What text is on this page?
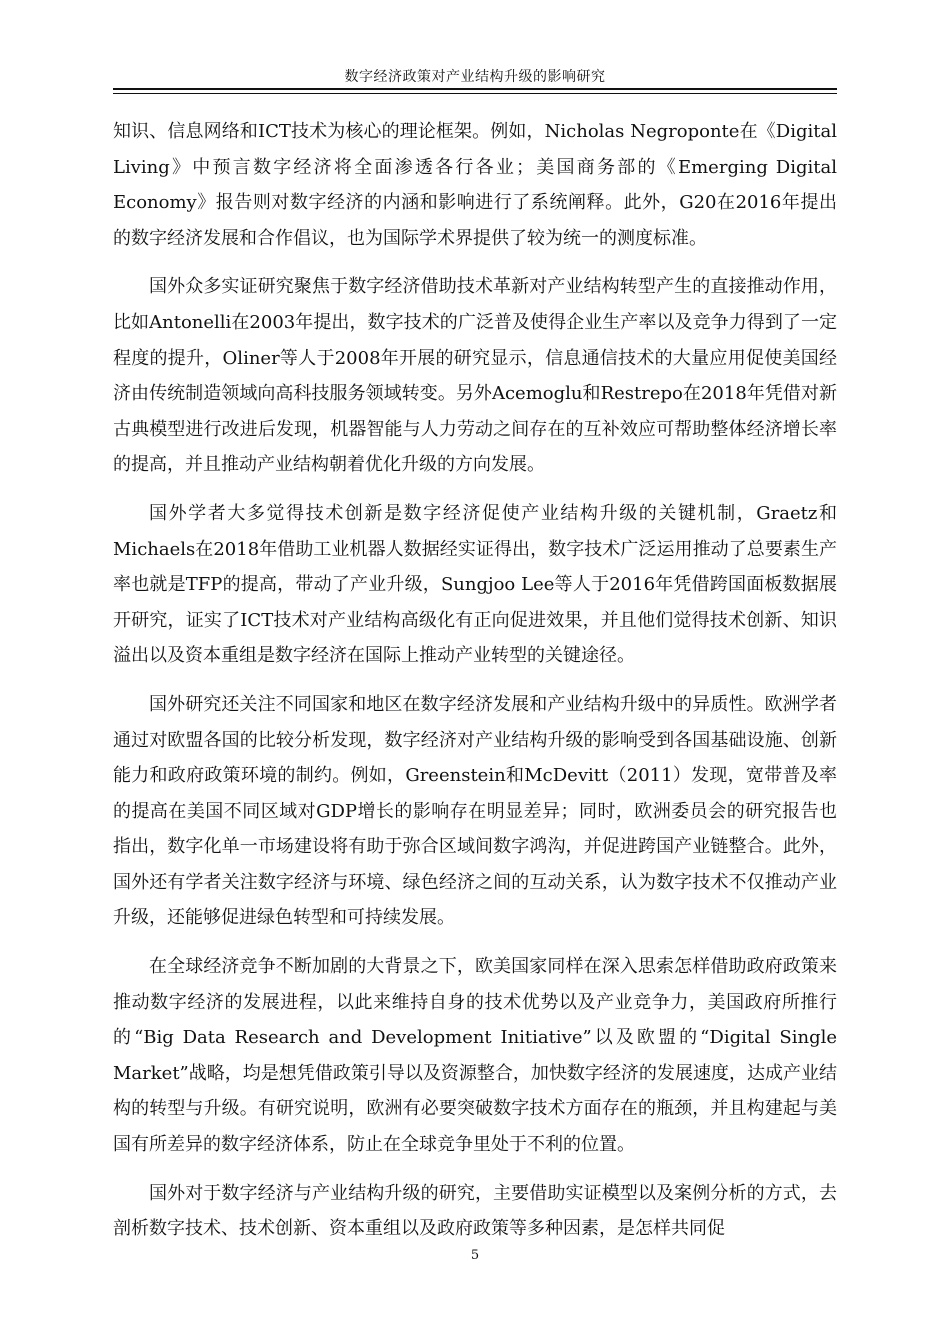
数字经济政策对产业结构升级的影响研究

知识、信息网络和ICT技术为核心的理论框架。例如，Nicholas Negroponte在《Digital Living》中预言数字经济将全面渗透各行各业；美国商务部的《Emerging Digital Economy》报告则对数字经济的内涵和影响进行了系统阐释。此外，G20在2016年提出的数字经济发展和合作倡议，也为国际学术界提供了较为统一的测度标准。

国外众多实证研究聚焦于数字经济借助技术革新对产业结构转型产生的直接推动作用，比如Antonelli在2003年提出，数字技术的广泛普及使得企业生产率以及竞争力得到了一定程度的提升，Oliner等人于2008年开展的研究显示，信息通信技术的大量应用促使美国经济由传统制造领域向高科技服务领域转变。另外Acemoglu和Restrepo在2018年凭借对新古典模型进行改进后发现，机器智能与人力劳动之间存在的互补效应可帮助整体经济增长率的提高，并且推动产业结构朝着优化升级的方向发展。

国外学者大多觉得技术创新是数字经济促使产业结构升级的关键机制，Graetz和Michaels在2018年借助工业机器人数据经实证得出，数字技术广泛运用推动了总要素生产率也就是TFP的提高，带动了产业升级，Sungjoo Lee等人于2016年凭借跨国面板数据展开研究，证实了ICT技术对产业结构高级化有正向促进效果，并且他们觉得技术创新、知识溢出以及资本重组是数字经济在国际上推动产业转型的关键途径。

国外研究还关注不同国家和地区在数字经济发展和产业结构升级中的异质性。欧洲学者通过对欧盟各国的比较分析发现，数字经济对产业结构升级的影响受到各国基础设施、创新能力和政府政策环境的制约。例如，Greenstein和McDevitt（2011）发现，宽带普及率的提高在美国不同区域对GDP增长的影响存在明显差异；同时，欧洲委员会的研究报告也指出，数字化单一市场建设将有助于弥合区域间数字鸿沟，并促进跨国产业链整合。此外，国外还有学者关注数字经济与环境、绿色经济之间的互动关系，认为数字技术不仅推动产业升级，还能够促进绿色转型和可持续发展。

在全球经济竞争不断加剧的大背景之下，欧美国家同样在深入思索怎样借助政府政策来推动数字经济的发展进程，以此来维持自身的技术优势以及产业竞争力，美国政府所推行的“Big Data Research and Development Initiative”以及欧盟的“Digital Single Market”战略，均是想凭借政策引导以及资源整合，加快数字经济的发展速度，达成产业结构的转型与升级。有研究说明，欧洲有必要突破数字技术方面存在的瓶颈，并且构建起与美国有所差异的数字经济体系，防止在全球竞争里处于不利的位置。

国外对于数字经济与产业结构升级的研究，主要借助实证模型以及案例分析的方式，去剖析数字技术、技术创新、资本重组以及政府政策等多种因素，是怎样共同促

5
